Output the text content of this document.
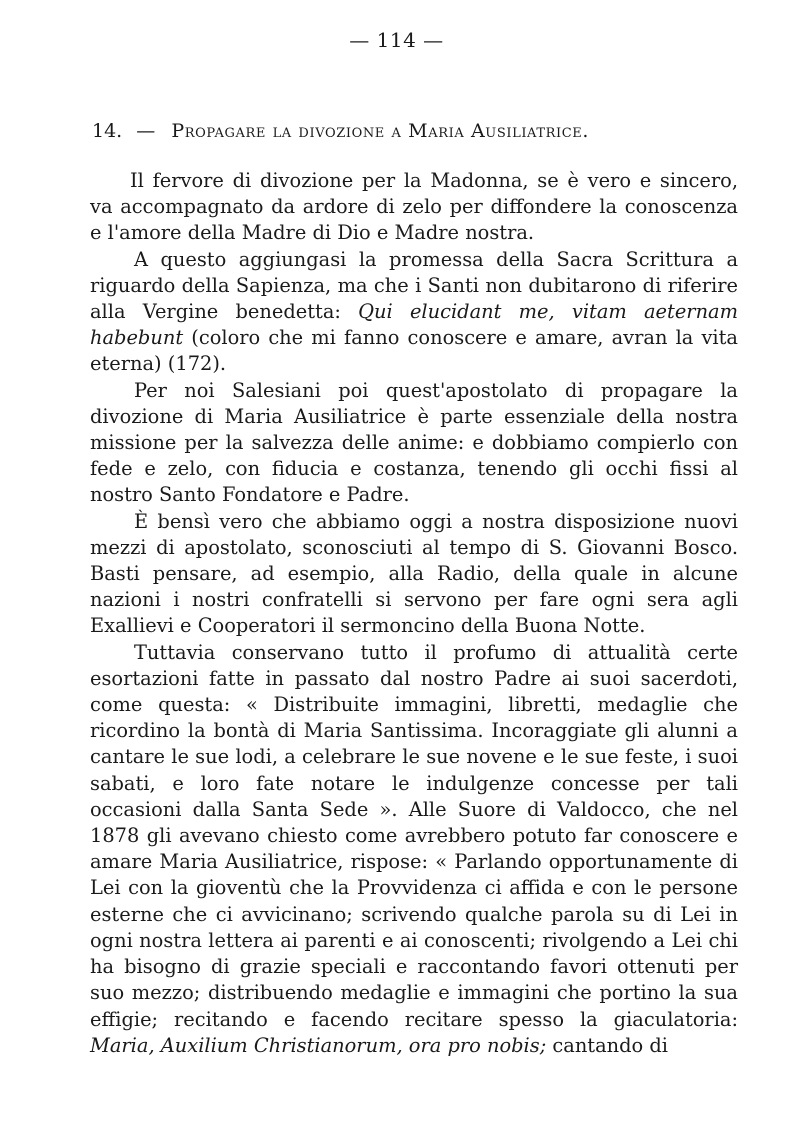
— 114 —
14. — Propagare la divozione a Maria Ausiliatrice.

Il fervore di divozione per la Madonna, se è vero e sincero, va accompagnato da ardore di zelo per diffondere la conoscenza e l'amore della Madre di Dio e Madre nostra.

A questo aggiungasi la promessa della Sacra Scrittura a riguardo della Sapienza, ma che i Santi non dubitarono di riferire alla Vergine benedetta: Qui elucidant me, vitam aeternam habebunt (coloro che mi fanno conoscere e amare, avran la vita eterna) (172).

Per noi Salesiani poi quest'apostolato di propagare la divozione di Maria Ausiliatrice è parte essenziale della nostra missione per la salvezza delle anime: e dobbiamo compierlo con fede e zelo, con fiducia e costanza, tenendo gli occhi fissi al nostro Santo Fondatore e Padre.

È bensì vero che abbiamo oggi a nostra disposizione nuovi mezzi di apostolato, sconosciuti al tempo di S. Giovanni Bosco. Basti pensare, ad esempio, alla Radio, della quale in alcune nazioni i nostri confratelli si servono per fare ogni sera agli Exallievi e Cooperatori il sermoncino della Buona Notte.

Tuttavia conservano tutto il profumo di attualità certe esortazioni fatte in passato dal nostro Padre ai suoi sacerdoti, come questa: « Distribuite immagini, libretti, medaglie che ricordino la bontà di Maria Santissima. Incoraggiate gli alunni a cantare le sue lodi, a celebrare le sue novene e le sue feste, i suoi sabati, e loro fate notare le indulgenze concesse per tali occasioni dalla Santa Sede ». Alle Suore di Valdocco, che nel 1878 gli avevano chiesto come avrebbero potuto far conoscere e amare Maria Ausiliatrice, rispose: « Parlando opportunamente di Lei con la gioventù che la Provvidenza ci affida e con le persone esterne che ci avvicinano; scrivendo qualche parola su di Lei in ogni nostra lettera ai parenti e ai conoscenti; rivolgendo a Lei chi ha bisogno di grazie speciali e raccontando favori ottenuti per suo mezzo; distribuendo medaglie e immagini che portino la sua effigie; recitando e facendo recitare spesso la giaculatoria: Maria, Auxilium Christianorum, ora pro nobis; cantando di
